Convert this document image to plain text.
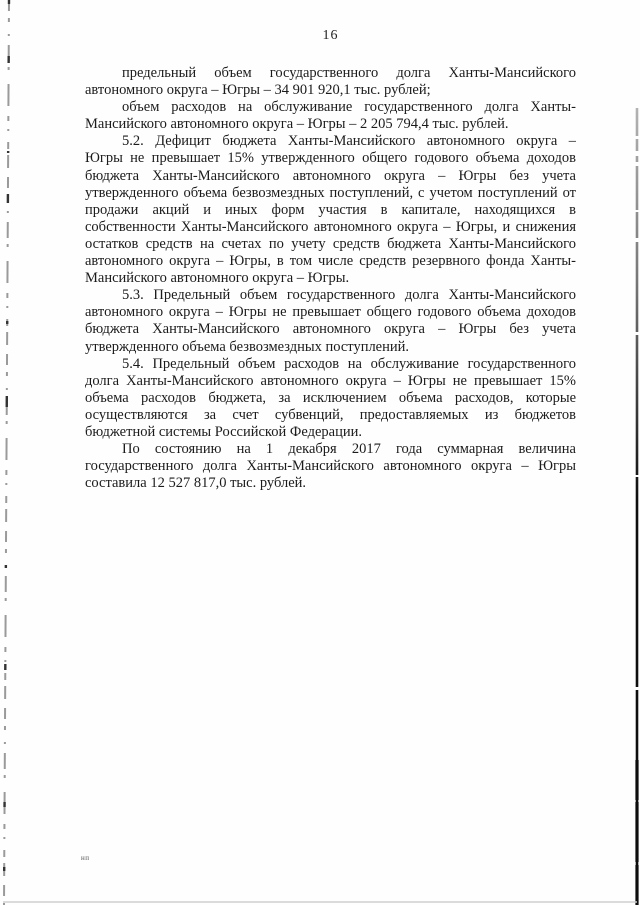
16
предельный объем государственного долга Ханты-Мансийского
автономного округа – Югры – 34 901 920,1 тыс. рублей;
объем расходов на обслуживание государственного долга Ханты-
Мансийского автономного округа – Югры – 2 205 794,4 тыс. рублей.
5.2. Дефицит бюджета Ханты-Мансийского автономного округа –
Югры не превышает 15% утвержденного общего годового объема доходов
бюджета Ханты-Мансийского автономного округа – Югры без учета
утвержденного объема безвозмездных поступлений, с учетом поступлений от
продажи акций и иных форм участия в капитале, находящихся в
собственности Ханты-Мансийского автономного округа – Югры, и снижения
остатков средств на счетах по учету средств бюджета Ханты-Мансийского
автономного округа – Югры, в том числе средств резервного фонда Ханты-
Мансийского автономного округа – Югры.
5.3. Предельный объем государственного долга Ханты-Мансийского
автономного округа – Югры не превышает общего годового объема доходов
бюджета Ханты-Мансийского автономного округа – Югры без учета
утвержденного объема безвозмездных поступлений.
5.4. Предельный объем расходов на обслуживание государственного
долга Ханты-Мансийского автономного округа – Югры не превышает 15%
объема расходов бюджета, за исключением объема расходов, которые
осуществляются за счет субвенций, предоставляемых из бюджетов
бюджетной системы Российской Федерации.
По состоянию на 1 декабря 2017 года суммарная величина
государственного долга Ханты-Мансийского автономного округа – Югры
составила 12 527 817,0 тыс. рублей.
нп
